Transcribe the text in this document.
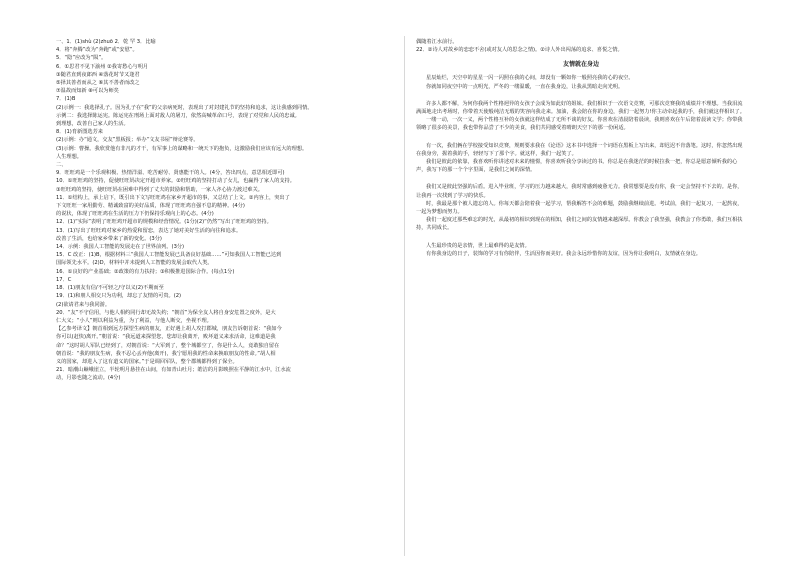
一、1．(1)shù (2)zhuō 2．乾 罕 3．比喻
4．将“奔腾”改为“奔跑”或“安慰”。
5．“隐”应改为“陨”。
6．①思君不见下渝州 ②我寄愁心与明月
③随君直到夜郎西 ④落花时节又逢君
⑤择其善者而从之 ⑥其不善者而改之
⑦温故而知新 ⑧可以为师矣
7．(1)B
(2)示例一：我选择孔子。因为孔子在“我”的父亲病死时，表现出了对封建礼节的坚持和追求，这让我感到同情。
示例二：我选择陈运宪。陈运宪在刑场上面对敌人的屠刀，依然高喊革命口号，表现了对党和人民的忠诚。
到理想，改善自己家人的生活。
8．(1)育新图选芳来
(2)示例：办“通文，交友”黑板报；举办“文友书屋”辩论赛等。
(3)示例：曹操。我欣赏他有非凡的才干，有军事上的谋略和一统天下的抱负，这激励我们应该有远大的理想。
人生理想。
二、
9．旺旺鸡是一个乐观积极、热情洋溢、吃苦耐劳、贤惠能干的人。(4分，答出四点，意思相近即可)
10．①旺旺鸡的坚持，促使旺旺妈决定开超市养家。②旺旺鸡的坚持打动了女儿，也赢得了家人的支持。
③旺旺鸡的坚持，使旺旺妈在困难中得到了丈夫的鼓励和帮助，一家人齐心协力渡过难关。
11．①结构上，承上启下，既引出下文写旺旺鸡在家乡开超市的事，又总结了上文。②内容上，突出了
下文旺旺一家用勤劳、精诚致富的美好品质，体现了旺旺鸡自强不息的精神。(4分)
的说状，体现了旺旺鸡在生活的压力下仍保持乐观向上的心态。(4分)
12．(1)“实际”表明了旺旺鸡开超市的规模和经营情况。(1分)(2)“仍然”写出了旺旺鸡的坚持。
13．(1)写出了旺旺鸡对家乡的热爱和留恋，表达了她对美好生活的向往和追求。
改善了生活，也给家乡带来了新的变化。(3分)
14．示例：我国人工智能的发展走在了世界前列。(3分)
15．C 改正：(1)B，根据材料三“我国人工智能发展已具备良好基础……”可知我国人工智能已达到
国际领先水平。(2)D，材料中并未提到人工智能的发展会取代人类。
16．①良好的产业基础；②政策的有力扶持；③积极推进国际合作。(每点1分)
17．C
18．(1)朋友有信/不可轻之/守以义(2)不期而至
19．(1)和朋人相交只为功利，却忘了友情的可贵。(2)
(2)欲请君来与我同游。
20．“友”不守信用，与他人相约同行却无故失约；“朝首”为保全友人将自身安危置之度外，是大
仁大义；“小人”则以利益为重，为了利益，与他人断交，坐视不理。
【乙参考译文】朝首相到远方探望生病的朋友，正好遇上胡人攻打郡城，朋友告诉朝首说：“我如今
你可以(赶快)离开。”朝首说：“我远道来探望您，您却让我离开，败坏道义来求活命，这难道是我
命？”这时胡人军队已经到了，对朝首说：“大军到了，整个城都空了，你是什么人，竟敢独自留在
朝首说：“我的朋友生病，我不忍心丢弃他(离开)，我宁愿用我的性命来换取朋友的性命。”胡人相
义的国家，却进入了这有道义的国家。”于是调回军队，整个郡城都得到了保全。
21．暗潮山巅峨崖立，半轮明月悬挂在山间，有如青山吐月；皓洁的月影映照在平静的江水中，江水流
动，月影也随之流动。(4分)
偶随着江水前行。
22．②诗人对故乡的恋恋不舍(或对友人的思念之情)。②诗人外出闯荡的追求、喜悦之情。
友情就在身边

星辰灿烂，天空中的星星一闪一闪照在我的心间，却没有一颗如你一般照亮我的心的夜空。

你就如同夜空中的一点明光，严冬的一缕温暖，一直在我身边，让我从黑暗走向光明。

许多人都不解，为何你我两个性格迥异的女孩子会成为如此好的姐妹。我们相识于一次语文竞赛，可那次竞赛我的成绩并不理想。当我泪流满面地走出考场时，你带着天使般纯洁无瑕的笑容向我走来。加油，我会陪在你的身边，我们一起努力!你主动牵起我的手，我们就这样相识了。

一缕一动，一次一义，两个性格互补的女孩就这样结成了无所不谈的好友。你喜欢在清晨陪着晨读，我则喜欢在午后陪着晨读文学；你带我领略了很多的美景，我也带你品尝了不少的美食，我们共同感受着晴朗天空下的那一份闲适。

有一次，我们俩在学校接受知识竞赛，规则要求我在《论语》这本书中选择一个词语在黑板上写出来，却迟迟不肯落笔。这时，你忽然出现在我身旁，握着我的手，轻轻写下了那个字。就这样，我们一起笑了。

我们是彼此的依靠，我喜欢听你讲述对未来的憧憬，你喜欢听我分享读过的书。你总是在我迷茫的时候拉我一把，你总是愿意倾听我的心声，我写下的那一个个字里面，是我们之间的深情。

我们又是彼此坚强的后盾。进入毕业班，学习的压力越来越大，我时常感到疲惫无力。我常想要是没有你，我一定会坚持不下去的。是你，让我再一次找到了学习的快乐。

时，我最是那个被人遗忘的人。你每天都会陪着我一起学习，帮我解答不会的难题，鼓励我继续前进。考试前，我们一起复习，一起熬夜，一起为梦想而努力。

我们一起度过那些难忘的时光，从最初的相识到现在的相知，我们之间的友情越来越深厚。你教会了我坚强，我教会了你勇敢，我们互相扶持，共同成长。

人生最珍贵的是亲情，世上最难得的是友情。

有你我身边的日子，装饰的学习有你陪伴，生活因你而美好。我会永远珍惜你的友谊，因为你让我明白，友情就在身边。
